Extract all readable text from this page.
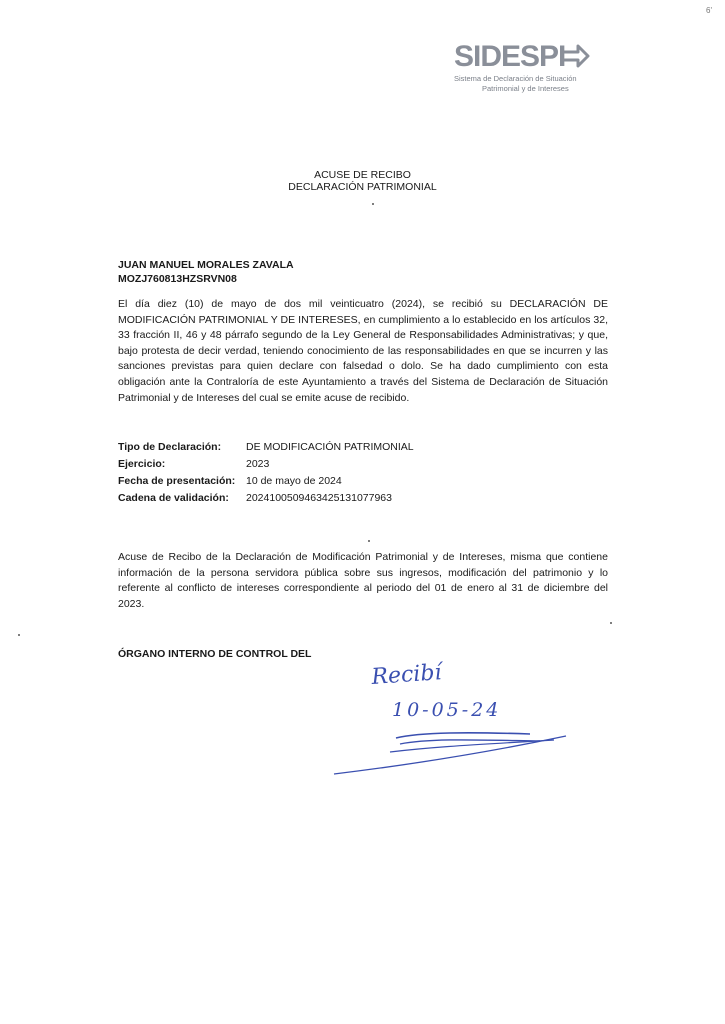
6'
SIDESPI
Sistema de Declaración de Situación
Patrimonial y de Intereses
ACUSE DE RECIBO
DECLARACIÓN PATRIMONIAL
JUAN MANUEL MORALES ZAVALA
MOZJ760813HZSRVN08
El día diez (10) de mayo de dos mil veinticuatro (2024), se recibió su DECLARACIÓN DE MODIFICACIÓN PATRIMONIAL Y DE INTERESES, en cumplimiento a lo establecido en los artículos 32, 33 fracción II, 46 y 48 párrafo segundo de la Ley General de Responsabilidades Administrativas; y que, bajo protesta de decir verdad, teniendo conocimiento de las responsabilidades en que se incurren y las sanciones previstas para quien declare con falsedad o dolo. Se ha dado cumplimiento con esta obligación ante la Contraloría de este Ayuntamiento a través del Sistema de Declaración de Situación Patrimonial y de Intereses del cual se emite acuse de recibido.
Tipo de Declaración: DE MODIFICACIÓN PATRIMONIAL
Ejercicio:	2023
Fecha de presentación: 10 de mayo de 2024
Cadena de validación: 20241005094634251310779​63
Acuse de Recibo de la Declaración de Modificación Patrimonial y de Intereses, misma que contiene información de la persona servidora pública sobre sus ingresos, modificación del patrimonio y lo referente al conflicto de intereses correspondiente al periodo del 01 de enero al 31 de diciembre del 2023.
ÓRGANO INTERNO DE CONTROL DEL
Recibí
10-05-24
